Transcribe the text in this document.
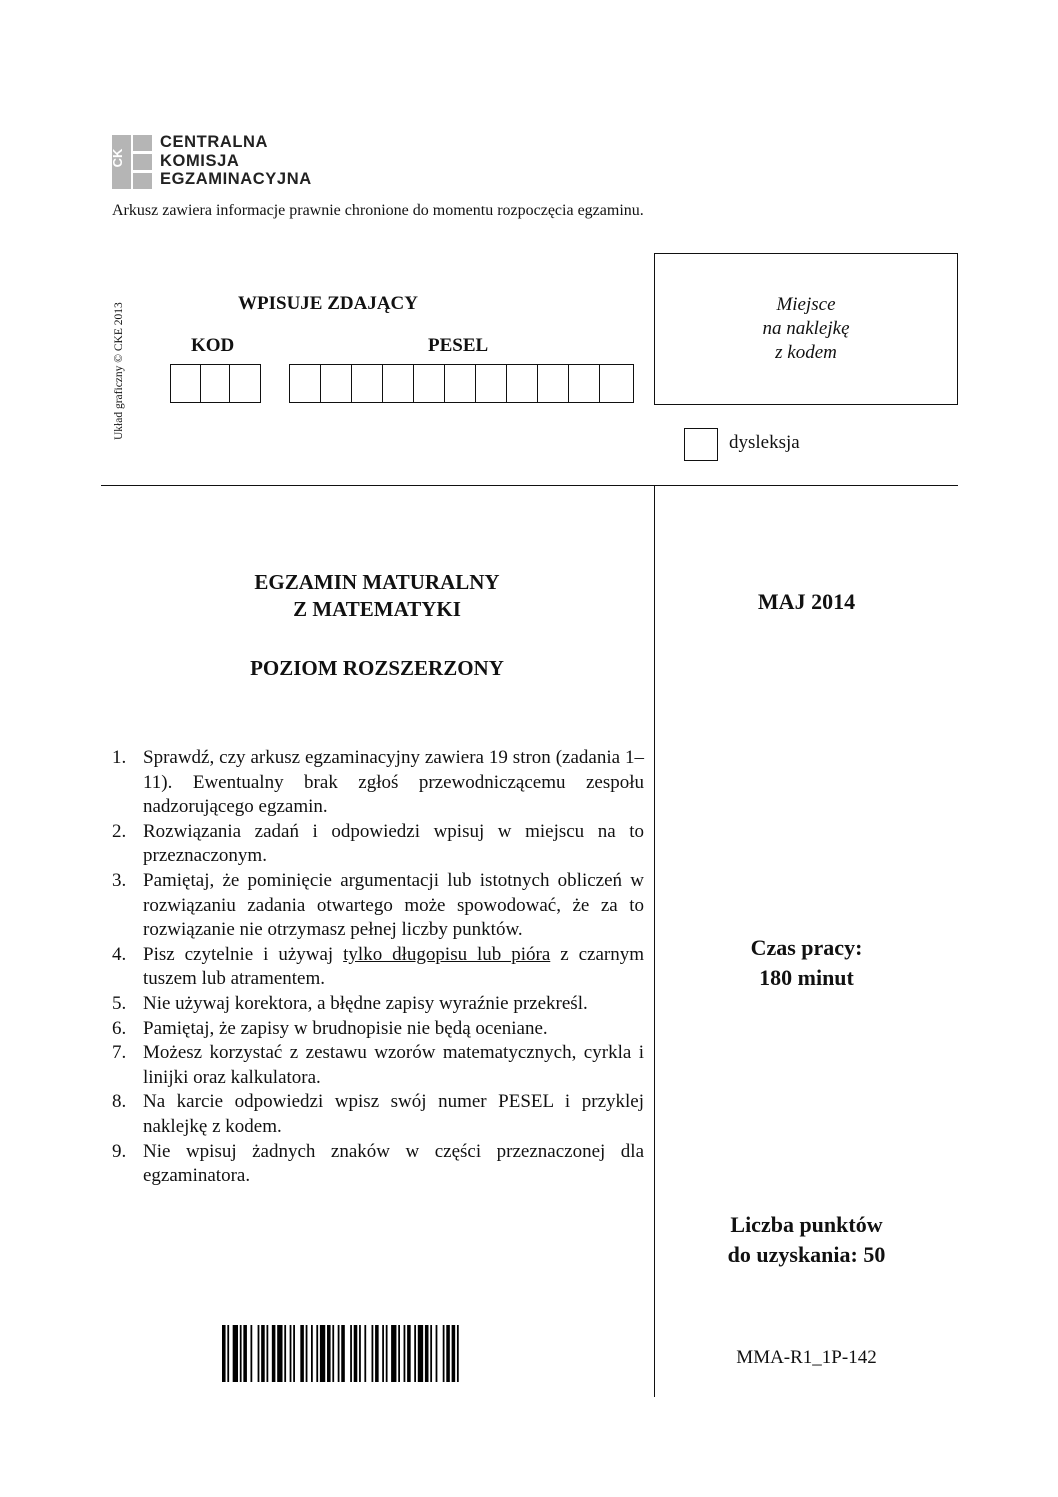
CK
CENTRALNA
KOMISJA
EGZAMINACYJNA
Arkusz zawiera informacje prawnie chronione do momentu rozpoczęcia egzaminu.
Układ graficzny © CKE 2013	WPISUJE ZDAJĄCY
KOD	PESEL
Miejsce
na naklejkę
z kodem
dysleksja
EGZAMIN MATURALNY
Z MATEMATYKI
POZIOM ROZSZERZONY
1. Sprawdź, czy arkusz egzaminacyjny zawiera 19 stron (zadania 1–11). Ewentualny brak zgłoś przewodniczącemu zespołu nadzorującego egzamin.
2. Rozwiązania zadań i odpowiedzi wpisuj w miejscu na to przeznaczonym.
3. Pamiętaj, że pominięcie argumentacji lub istotnych obliczeń w rozwiązaniu zadania otwartego może spowodować, że za to rozwiązanie nie otrzymasz pełnej liczby punktów.
4. Pisz czytelnie i używaj tylko długopisu lub pióra z czarnym tuszem lub atramentem.
5. Nie używaj korektora, a błędne zapisy wyraźnie przekreśl.
6. Pamiętaj, że zapisy w brudnopisie nie będą oceniane.
7. Możesz korzystać z zestawu wzorów matematycznych, cyrkla i linijki oraz kalkulatora.
8. Na karcie odpowiedzi wpisz swój numer PESEL i przyklej naklejkę z kodem.
9. Nie wpisuj żadnych znaków w części przeznaczonej dla egzaminatora.
MAJ 2014
Czas pracy:
180 minut
Liczba punktów
do uzyskania: 50
MMA-R1_1P-142
